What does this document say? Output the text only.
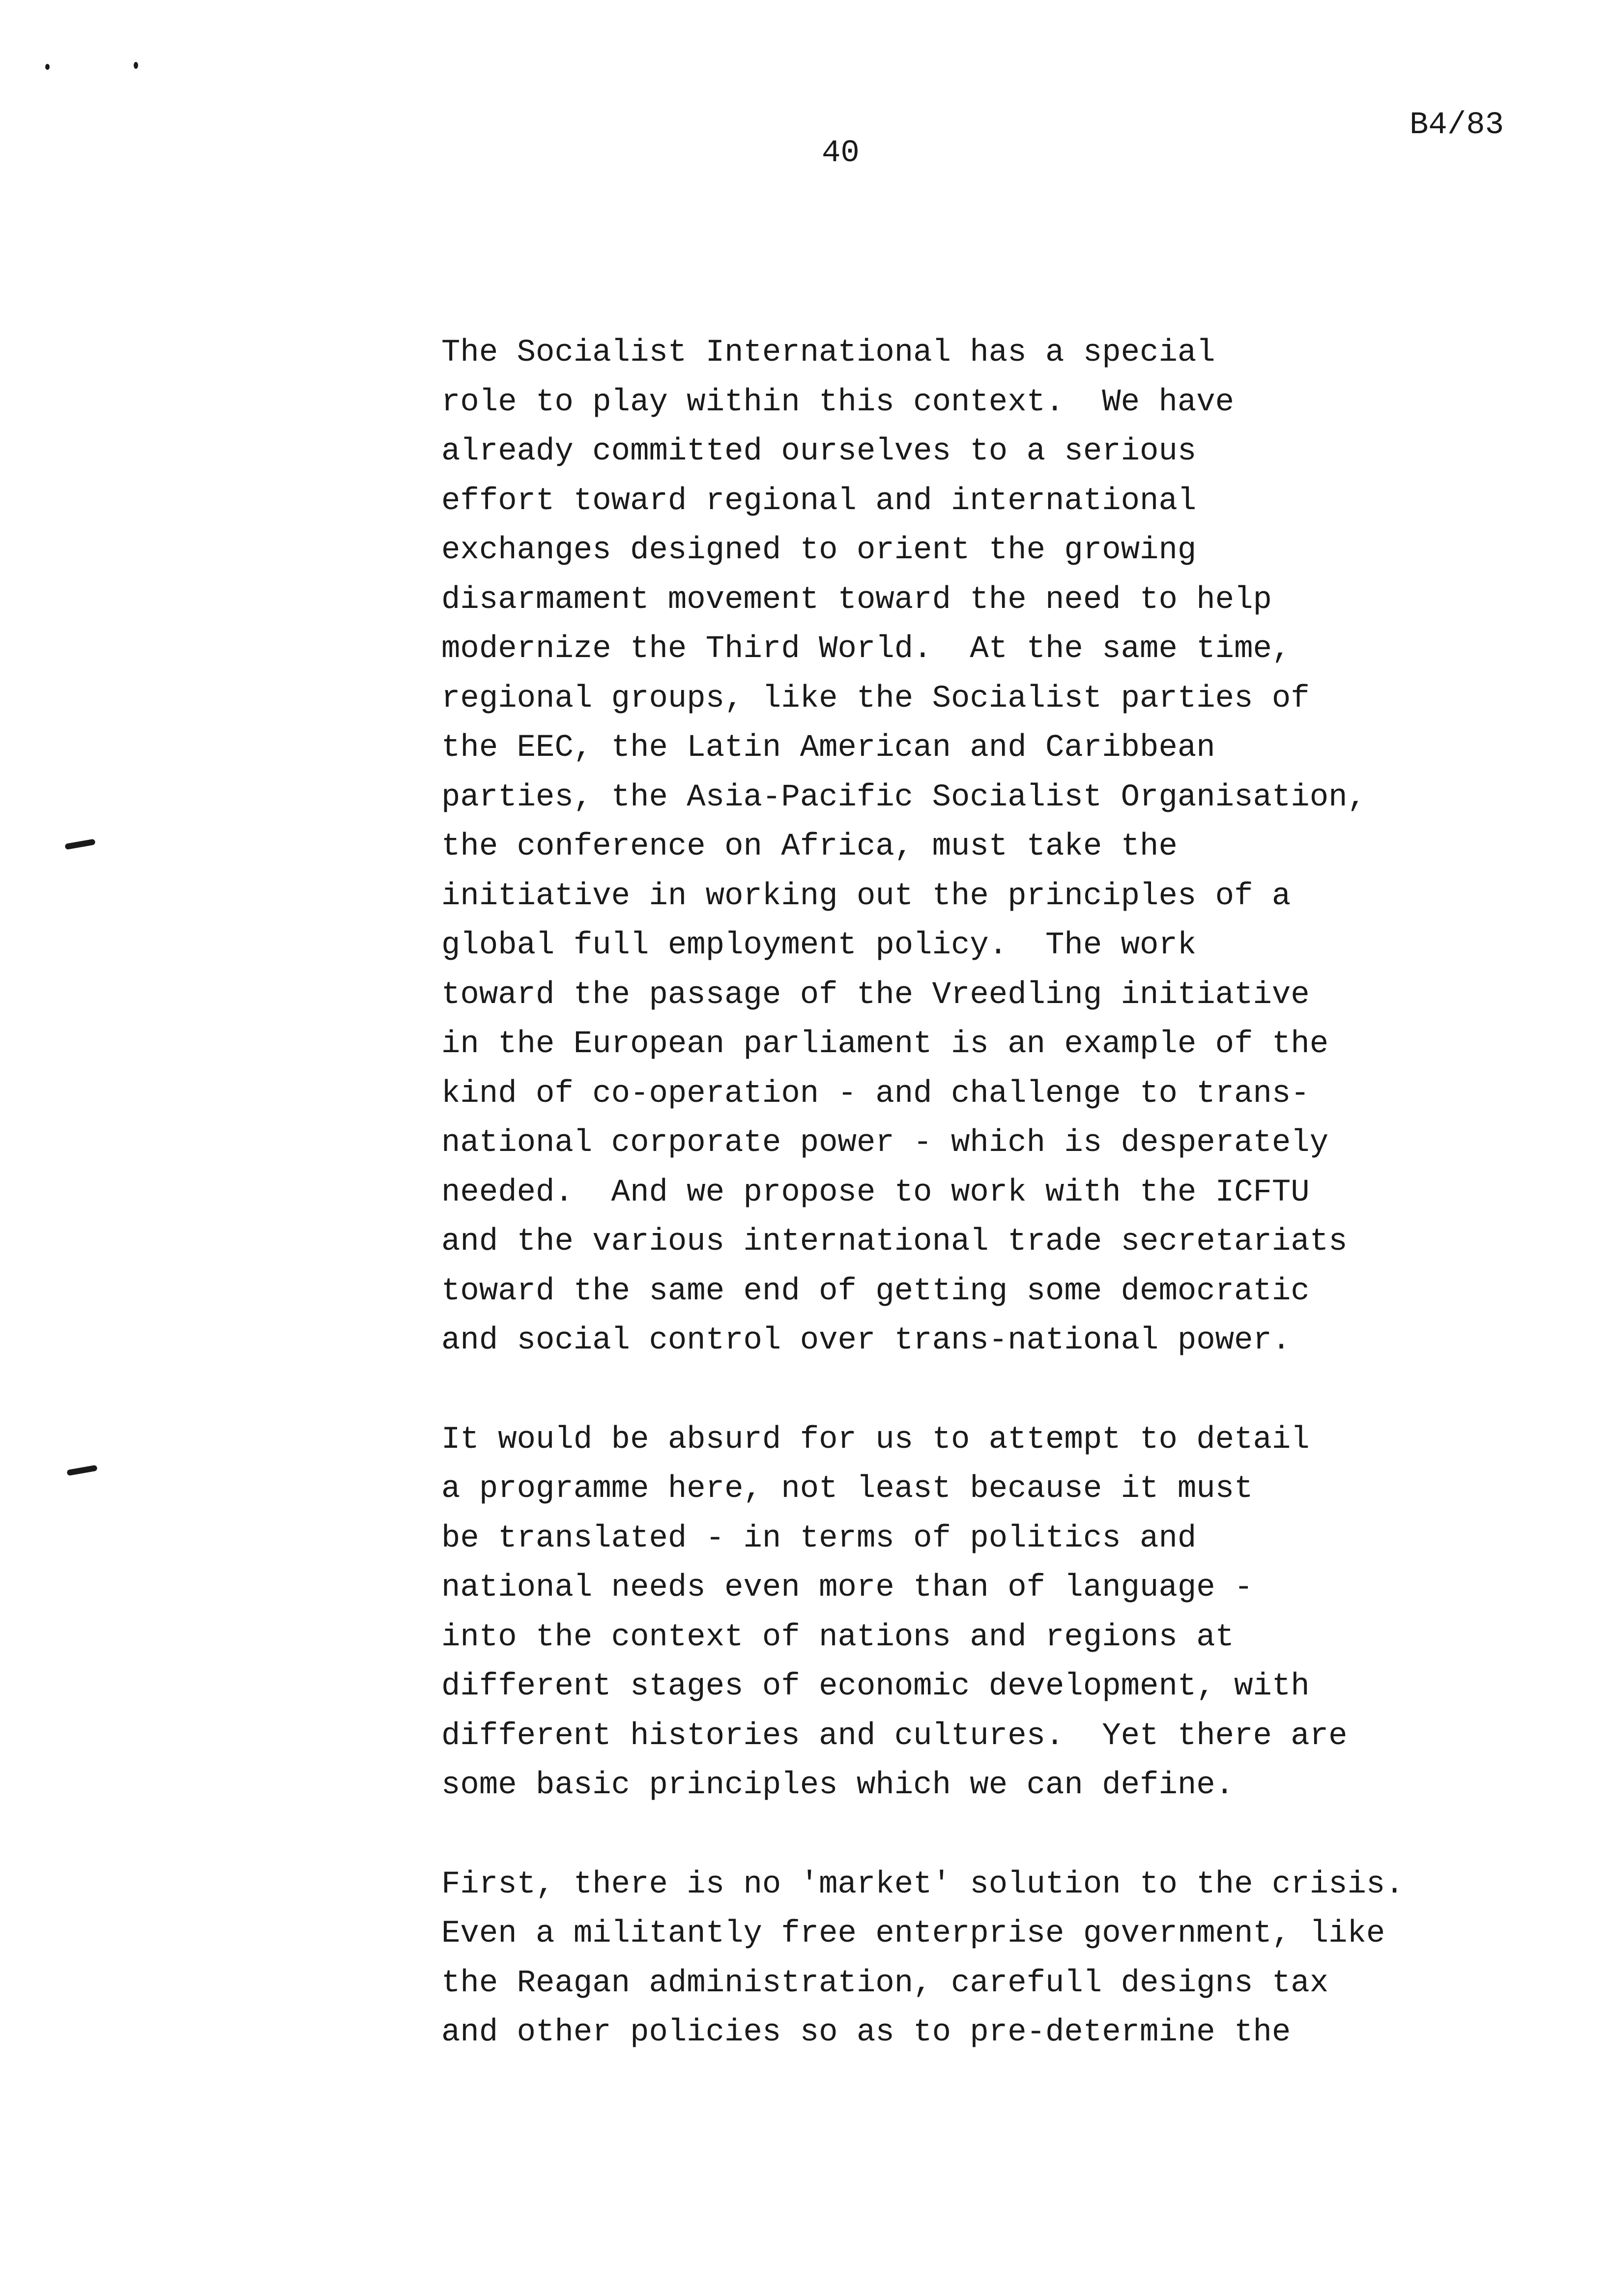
B4/83
40
The Socialist International has a special
role to play within this context.  We have
already committed ourselves to a serious
effort toward regional and international
exchanges designed to orient the growing
disarmament movement toward the need to help
modernize the Third World.  At the same time,
regional groups, like the Socialist parties of
the EEC, the Latin American and Caribbean
parties, the Asia-Pacific Socialist Organisation,
the conference on Africa, must take the
initiative in working out the principles of a
global full employment policy.  The work
toward the passage of the Vreedling initiative
in the European parliament is an example of the
kind of co-operation - and challenge to trans-
national corporate power - which is desperately
needed.  And we propose to work with the ICFTU
and the various international trade secretariats
toward the same end of getting some democratic
and social control over trans-national power.
It would be absurd for us to attempt to detail
a programme here, not least because it must
be translated - in terms of politics and
national needs even more than of language -
into the context of nations and regions at
different stages of economic development, with
different histories and cultures.  Yet there are
some basic principles which we can define.
First, there is no 'market' solution to the crisis.
Even a militantly free enterprise government, like
the Reagan administration, carefull designs tax
and other policies so as to pre-determine the
